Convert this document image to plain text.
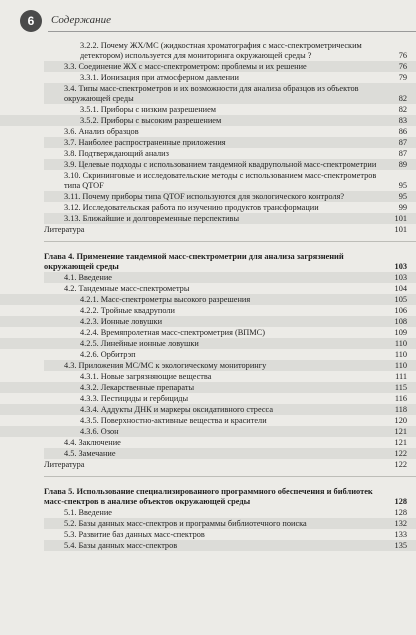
6	Содержание
3.2.2. Почему ЖХ/МС (жидкостная хроматография с масс-спектрометрическим детектором) используется для мониторинга окружающей среды ?	76
3.3. Соединение ЖХ с масс-спектрометром: проблемы и их решение	76
3.3.1. Ионизация при атмосферном давлении	79
3.4. Типы масс-спектрометров и их возможности для анализа образцов из объектов окружающей среды	82
3.5.1. Приборы с низким разрешением	82
3.5.2. Приборы с высоким разрешением	83
3.6. Анализ образцов	86
3.7. Наиболее распространенные приложения	87
3.8. Подтверждающий анализ	87
3.9. Целевые подходы с использованием тандемной квадрупольной масс-спектрометрии	89
3.10. Скрининговые и исследовательские методы с использованием масс-спектрометров типа QTOF	95
3.11. Почему приборы типа QTOF используются для экологического контроля?	95
3.12. Исследовательская работа по изучению продуктов трансформации	99
3.13. Ближайшие и долговременные перспективы	101
Литература	101
Глава 4. Применение тандемной масс-спектрометрии для анализа загрязнений окружающей среды	103
4.1. Введение	103
4.2. Тандемные масс-спектрометры	104
4.2.1. Масс-спектрометры высокого разрешения	105
4.2.2. Тройные квадруполи	106
4.2.3. Ионные ловушки	108
4.2.4. Времяпролетная масс-спектрометрия (ВПМС)	109
4.2.5. Линейные ионные ловушки	110
4.2.6. Орбитрэп	110
4.3. Приложения МС/МС к экологическому мониторингу	110
4.3.1. Новые загрязняющие вещества	111
4.3.2. Лекарственные препараты	115
4.3.3. Пестициды и гербициды	116
4.3.4. Аддукты ДНК и маркеры оксидативного стресса	118
4.3.5. Поверхностно-активные вещества и красители	120
4.3.6. Озон	121
4.4. Заключение	121
4.5. Замечание	122
Литература	122
Глава 5. Использование специализированного программного обеспечения и библиотек масс-спектров в анализе объектов окружающей среды	128
5.1. Введение	128
5.2. Базы данных масс-спектров и программы библиотечного поиска	132
5.3. Развитие баз данных масс-спектров	133
5.4. Базы данных масс-спектров	135
